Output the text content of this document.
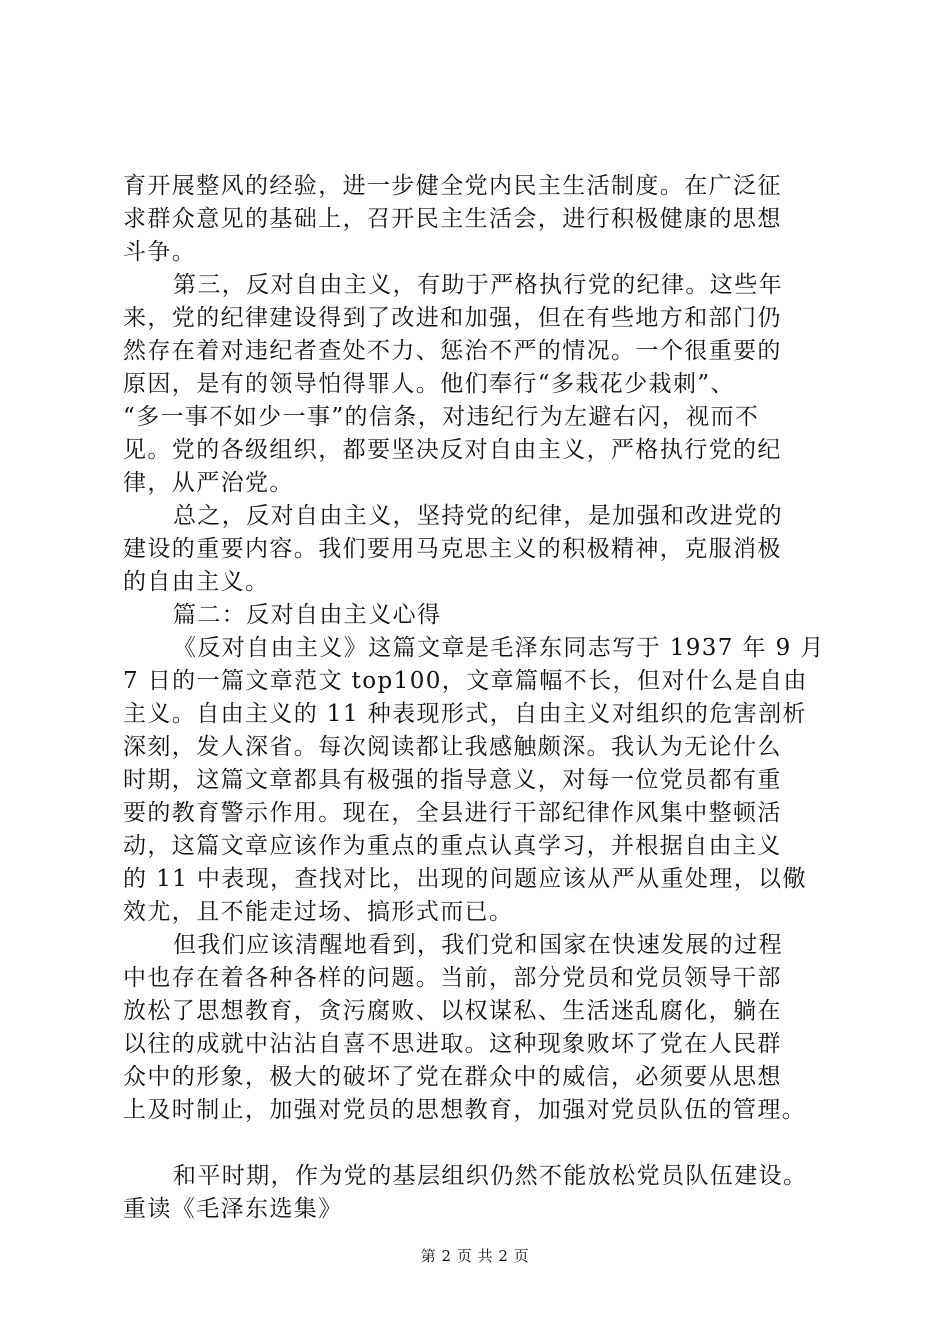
育开展整风的经验，进一步健全党内民主生活制度。在广泛征
求群众意见的基础上，召开民主生活会，进行积极健康的思想
斗争。
第三，反对自由主义，有助于严格执行党的纪律。这些年
来，党的纪律建设得到了改进和加强，但在有些地方和部门仍
然存在着对违纪者查处不力、惩治不严的情况。一个很重要的
原因，是有的领导怕得罪人。他们奉行“多栽花少栽刺”、
“多一事不如少一事”的信条，对违纪行为左避右闪，视而不
见。党的各级组织，都要坚决反对自由主义，严格执行党的纪
律，从严治党。
总之，反对自由主义，坚持党的纪律，是加强和改进党的
建设的重要内容。我们要用马克思主义的积极精神，克服消极
的自由主义。
篇二：反对自由主义心得
《反对自由主义》这篇文章是毛泽东同志写于 1937 年 9 月
7 日的一篇文章范文 top100，文章篇幅不长，但对什么是自由
主义。自由主义的 11 种表现形式，自由主义对组织的危害剖析
深刻，发人深省。每次阅读都让我感触颇深。我认为无论什么
时期，这篇文章都具有极强的指导意义，对每一位党员都有重
要的教育警示作用。现在，全县进行干部纪律作风集中整顿活
动，这篇文章应该作为重点的重点认真学习，并根据自由主义
的 11 中表现，查找对比，出现的问题应该从严从重处理，以儆
效尤，且不能走过场、搞形式而已。
但我们应该清醒地看到，我们党和国家在快速发展的过程
中也存在着各种各样的问题。当前，部分党员和党员领导干部
放松了思想教育，贪污腐败、以权谋私、生活迷乱腐化，躺在
以往的成就中沾沾自喜不思进取。这种现象败坏了党在人民群
众中的形象，极大的破坏了党在群众中的威信，必须要从思想
上及时制止，加强对党员的思想教育，加强对党员队伍的管理。
和平时期，作为党的基层组织仍然不能放松党员队伍建设。
重读《毛泽东选集》
第 2 页 共 2 页
